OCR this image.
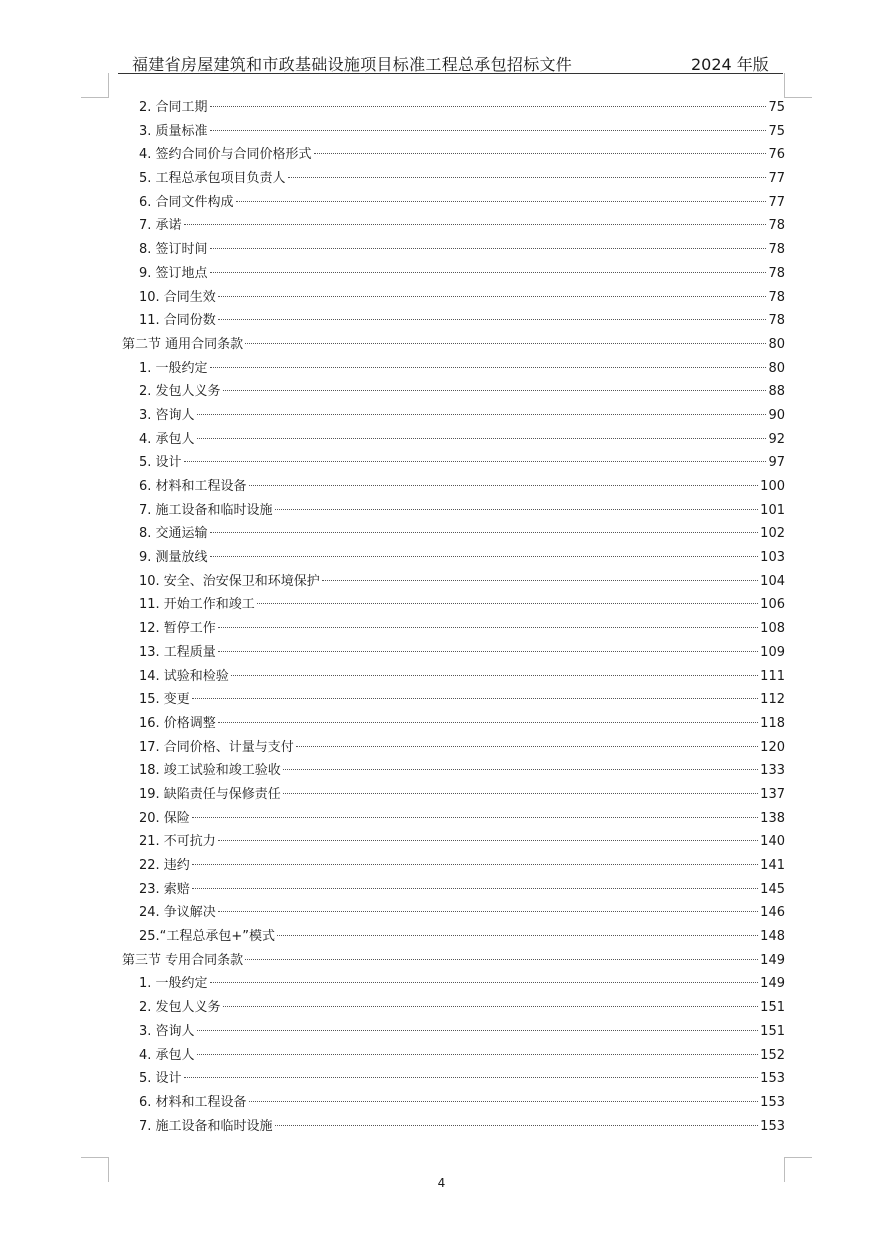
福建省房屋建筑和市政基础设施项目标准工程总承包招标文件	2024 年版
2. 合同工期	75
3. 质量标准	75
4. 签约合同价与合同价格形式	76
5. 工程总承包项目负责人	77
6. 合同文件构成	77
7. 承诺	78
8. 签订时间	78
9. 签订地点	78
10. 合同生效	78
11. 合同份数	78
第二节 通用合同条款	80
1. 一般约定	80
2. 发包人义务	88
3. 咨询人	90
4. 承包人	92
5. 设计	97
6. 材料和工程设备	100
7. 施工设备和临时设施	101
8. 交通运输	102
9. 测量放线	103
10. 安全、治安保卫和环境保护	104
11. 开始工作和竣工	106
12. 暂停工作	108
13. 工程质量	109
14. 试验和检验	111
15. 变更	112
16. 价格调整	118
17. 合同价格、计量与支付	120
18. 竣工试验和竣工验收	133
19. 缺陷责任与保修责任	137
20. 保险	138
21. 不可抗力	140
22. 违约	141
23. 索赔	145
24. 争议解决	146
25.“工程总承包+”模式	148
第三节 专用合同条款	149
1. 一般约定	149
2. 发包人义务	151
3. 咨询人	151
4. 承包人	152
5. 设计	153
6. 材料和工程设备	153
7. 施工设备和临时设施	153
4
